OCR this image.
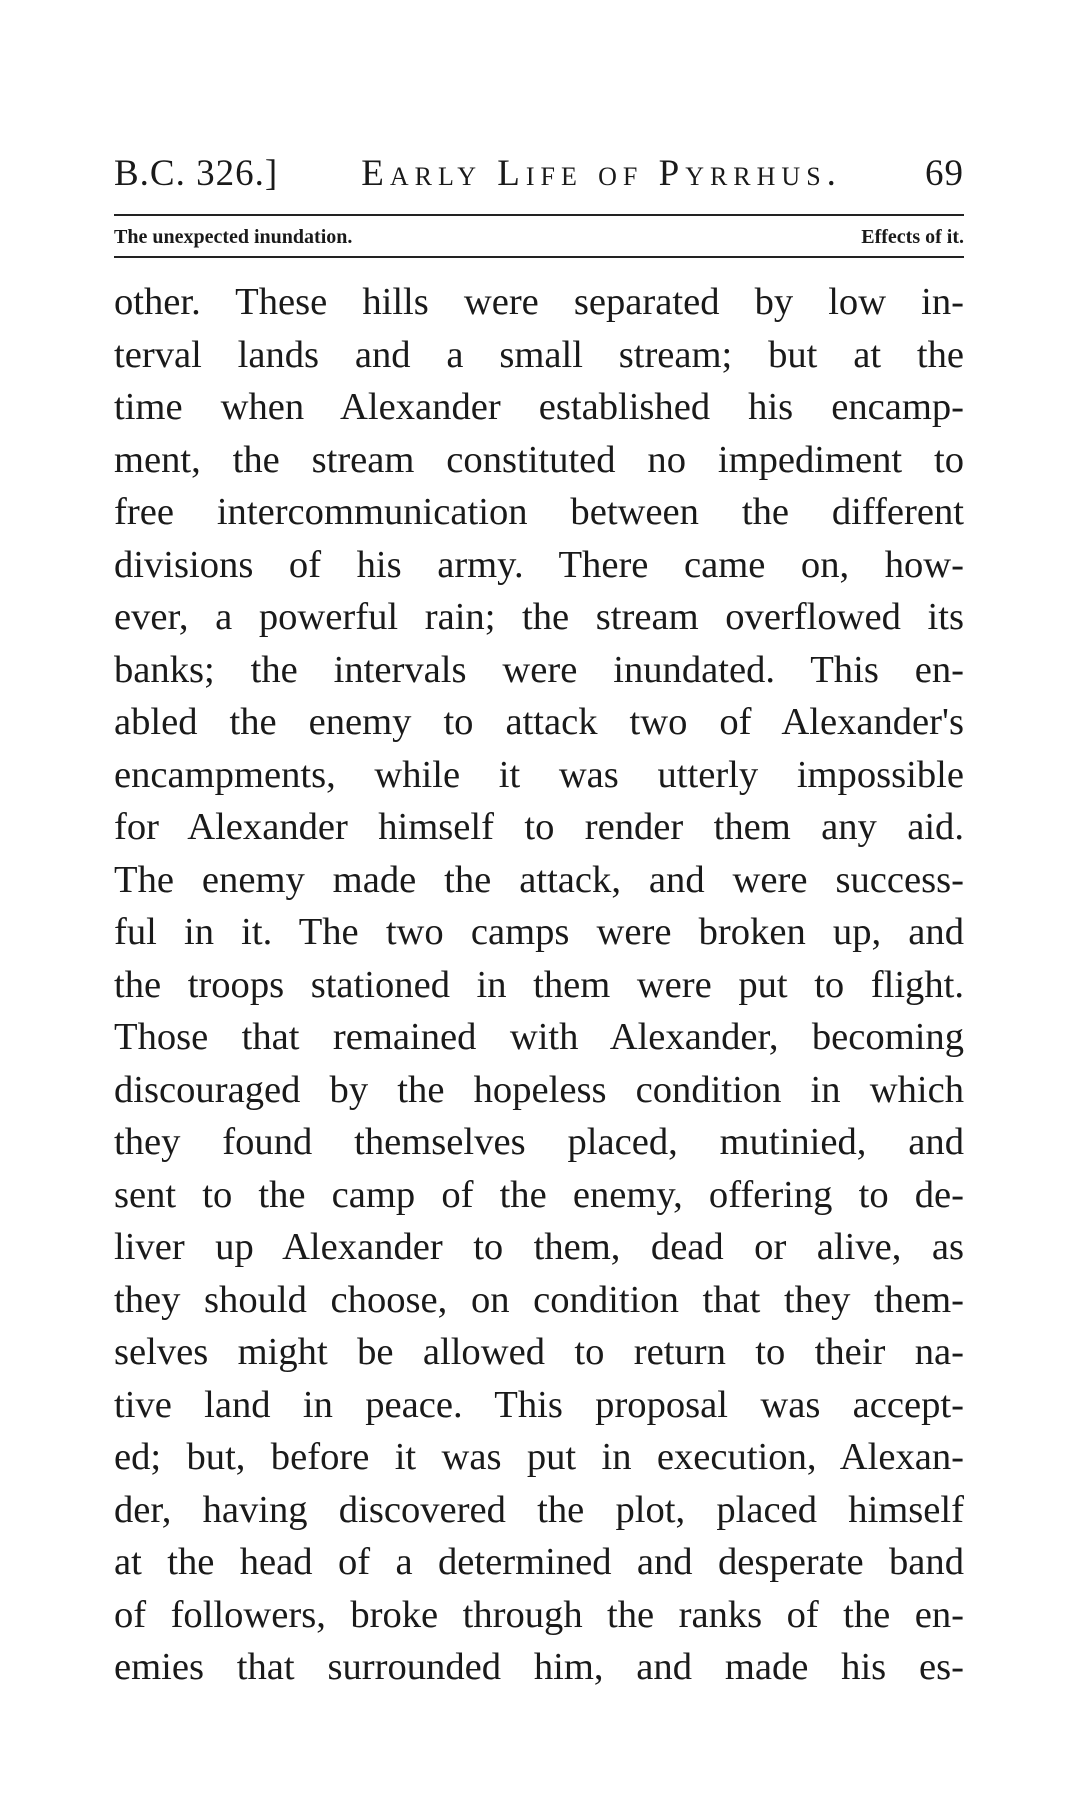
B.C. 326.] Early Life of Pyrrhus. 69
The unexpected inundation.	Effects of it.
other. These hills were separated by low in-
terval lands and a small stream; but at the
time when Alexander established his encamp-
ment, the stream constituted no impediment to
free intercommunication between the different
divisions of his army. There came on, how-
ever, a powerful rain; the stream overflowed its
banks; the intervals were inundated. This en-
abled the enemy to attack two of Alexander's
encampments, while it was utterly impossible
for Alexander himself to render them any aid.
The enemy made the attack, and were success-
ful in it. The two camps were broken up, and
the troops stationed in them were put to flight.
Those that remained with Alexander, becoming
discouraged by the hopeless condition in which
they found themselves placed, mutinied, and
sent to the camp of the enemy, offering to de-
liver up Alexander to them, dead or alive, as
they should choose, on condition that they them-
selves might be allowed to return to their na-
tive land in peace. This proposal was accept-
ed; but, before it was put in execution, Alexan-
der, having discovered the plot, placed himself
at the head of a determined and desperate band
of followers, broke through the ranks of the en-
emies that surrounded him, and made his es-
